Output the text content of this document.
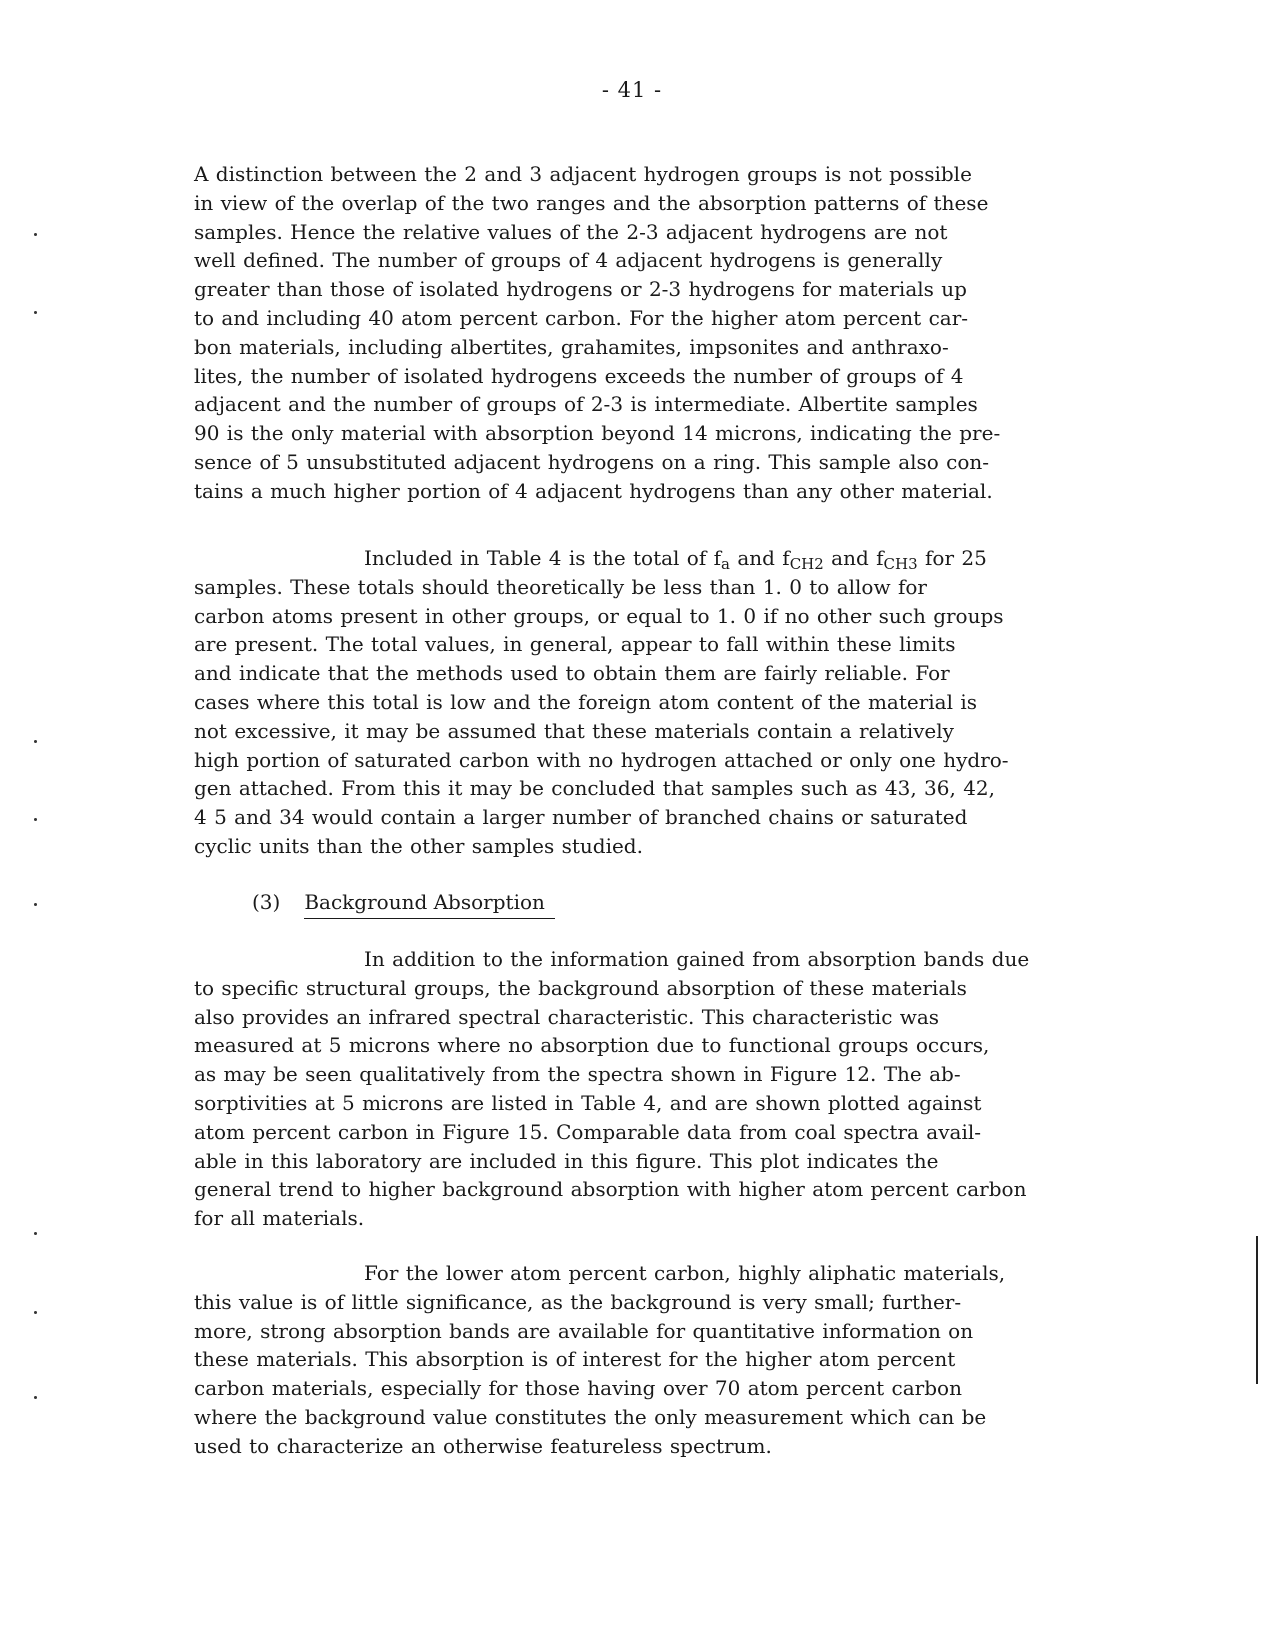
- 41 -
A distinction between the 2 and 3 adjacent hydrogen groups is not possible
in view of the overlap of the two ranges and the absorption patterns of these
samples. Hence the relative values of the 2-3 adjacent hydrogens are not
well defined. The number of groups of 4 adjacent hydrogens is generally
greater than those of isolated hydrogens or 2-3 hydrogens for materials up
to and including 40 atom percent carbon. For the higher atom percent car-
bon materials, including albertites, grahamites, impsonites and anthraxo-
lites, the number of isolated hydrogens exceeds the number of groups of 4
adjacent and the number of groups of 2-3 is intermediate. Albertite samples
90 is the only material with absorption beyond 14 microns, indicating the pre-
sence of 5 unsubstituted adjacent hydrogens on a ring. This sample also con-
tains a much higher portion of 4 adjacent hydrogens than any other material.
Included in Table 4 is the total of $f_a$ and $f_{CH2}$ and $f_{CH3}$ for 25
samples. These totals should theoretically be less than 1. 0 to allow for
carbon atoms present in other groups, or equal to 1. 0 if no other such groups
are present. The total values, in general, appear to fall within these limits
and indicate that the methods used to obtain them are fairly reliable. For
cases where this total is low and the foreign atom content of the material is
not excessive, it may be assumed that these materials contain a relatively
high portion of saturated carbon with no hydrogen attached or only one hydro-
gen attached. From this it may be concluded that samples such as 43, 36, 42,
4 5 and 34 would contain a larger number of branched chains or saturated
cyclic units than the other samples studied.
(3) Background Absorption
In addition to the information gained from absorption bands due
to specific structural groups, the background absorption of these materials
also provides an infrared spectral characteristic. This characteristic was
measured at 5 microns where no absorption due to functional groups occurs,
as may be seen qualitatively from the spectra shown in Figure 12. The ab-
sorptivities at 5 microns are listed in Table 4, and are shown plotted against
atom percent carbon in Figure 15. Comparable data from coal spectra avail-
able in this laboratory are included in this figure. This plot indicates the
general trend to higher background absorption with higher atom percent carbon
for all materials.
For the lower atom percent carbon, highly aliphatic materials,
this value is of little significance, as the background is very small; further-
more, strong absorption bands are available for quantitative information on
these materials. This absorption is of interest for the higher atom percent
carbon materials, especially for those having over 70 atom percent carbon
where the background value constitutes the only measurement which can be
used to characterize an otherwise featureless spectrum.
